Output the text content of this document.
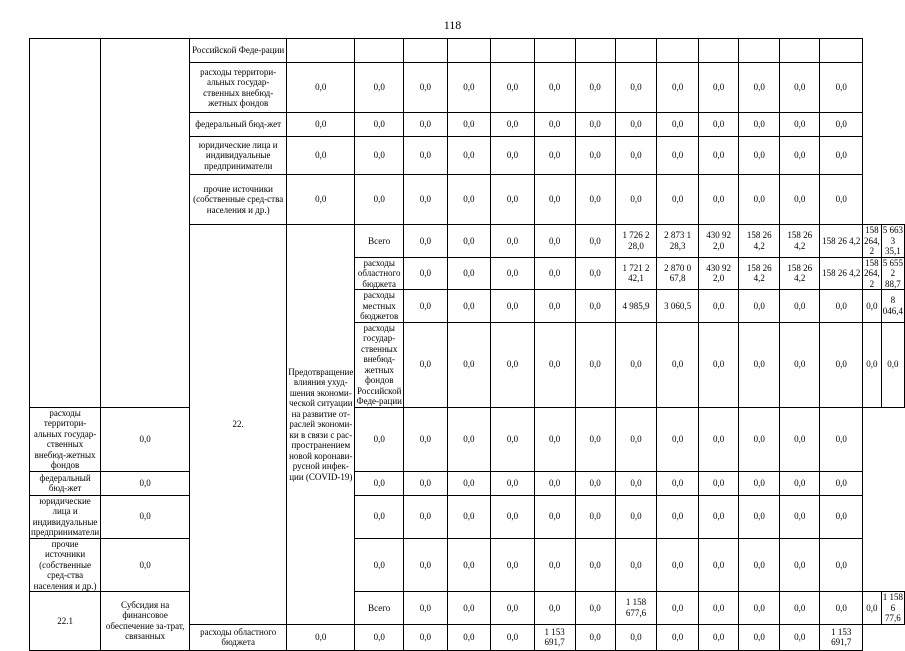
118
		Российской Феде-рации															
		расходы территори-альных государ-ственных внебюд-жетных фондов	0,0	0,0	0,0	0,0	0,0	0,0	0,0	0,0	0,0	0,0	0,0	0,0	0,0		
		федеральный бюд-жет	0,0	0,0	0,0	0,0	0,0	0,0	0,0	0,0	0,0	0,0	0,0	0,0	0,0		
		юридические лица и индивидуальные предприниматели	0,0	0,0	0,0	0,0	0,0	0,0	0,0	0,0	0,0	0,0	0,0	0,0	0,0		
		прочие источники (собственные сред-ства населения и др.)	0,0	0,0	0,0	0,0	0,0	0,0	0,0	0,0	0,0	0,0	0,0	0,0	0,0		
		22.	Предотвращение влияния ухуд-шения экономи-ческой ситуации на развитие от-раслей экономи-ки в связи с рас-пространением новой коронави-русной инфек-ции (COVID-19)	Всего	0,0	0,0	0,0	0,0	0,0	1 726 2 28,0	2 873 1 28,3	430 92 2,0	158 26 4,2	158 26 4,2	158 26 4,2	158 264, 2	5 663 3 35,1
				расходы областного бюджета	0,0	0,0	0,0	0,0	0,0	1 721 2 42,1	2 870 0 67,8	430 92 2,0	158 26 4,2	158 26 4,2	158 26 4,2	158 264, 2	5 655 2 88,7
				расходы местных бюджетов	0,0	0,0	0,0	0,0	0,0	4 985,9	3 060,5	0,0	0,0	0,0	0,0	0,0	8 046,4
				расходы государ-ственных внебюд-жетных фондов Российской Феде-рации	0,0	0,0	0,0	0,0	0,0	0,0	0,0	0,0	0,0	0,0	0,0	0,0	0,0
расходы территори-альных государ-ственных внебюд-жетных фондов	0,0			0,0	0,0	0,0	0,0	0,0	0,0	0,0	0,0	0,0	0,0	0,0	0,0		
федеральный бюд-жет	0,0			0,0	0,0	0,0	0,0	0,0	0,0	0,0	0,0	0,0	0,0	0,0	0,0		
юридические лица и индивидуальные предприниматели	0,0			0,0	0,0	0,0	0,0	0,0	0,0	0,0	0,0	0,0	0,0	0,0	0,0		
прочие источники (собственные сред-ства населения и др.)	0,0			0,0	0,0	0,0	0,0	0,0	0,0	0,0	0,0	0,0	0,0	0,0	0,0		
22.1	Субсидия на финансовое обеспечение за-трат, связанных			Всего	0,0	0,0	0,0	0,0	0,0	1 158 677,6	0,0	0,0	0,0	0,0	0,0	0,0	1 158 6 77,6
		расходы областного бюджета	0,0	0,0	0,0	0,0	0,0	1 153 691,7	0,0	0,0	0,0	0,0	0,0	0,0	1 153 691,7		
